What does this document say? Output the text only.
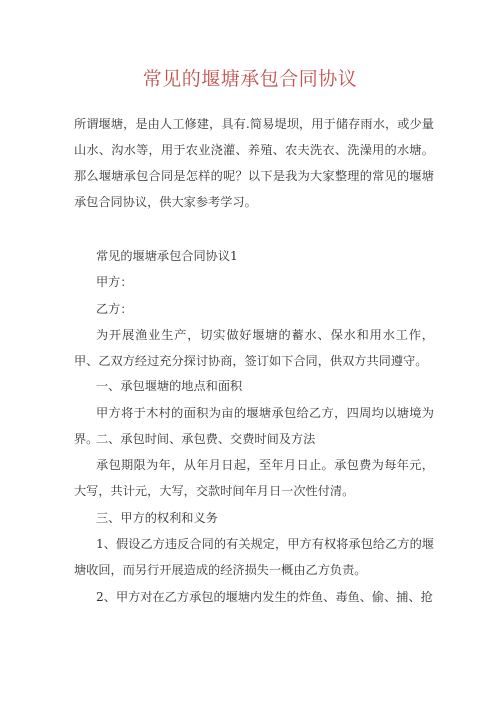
常见的堰塘承包合同协议

所谓堰塘，是由人工修建，具有.简易堤坝，用于储存雨水，或少量山水、沟水等，用于农业浇灌、养殖、农夫洗衣、洗澡用的水塘。那么堰塘承包合同是怎样的呢？以下是我为大家整理的常见的堰塘承包合同协议，供大家参考学习。

常见的堰塘承包合同协议1

甲方：

乙方：

为开展渔业生产，切实做好堰塘的蓄水、保水和用水工作，甲、乙双方经过充分探讨协商，签订如下合同，供双方共同遵守。

一、承包堰塘的地点和面积

甲方将于木村的面积为亩的堰塘承包给乙方，四周均以塘境为界。

二、承包时间、承包费、交费时间及方法

承包期限为年，从年月日起，至年月日止。承包费为每年元，大写，共计元，大写，交款时间年月日一次性付清。

三、甲方的权利和义务

1、假设乙方违反合同的有关规定，甲方有权将承包给乙方的堰塘收回，而另行开展造成的经济损失一概由乙方负责。

2、甲方对在乙方承包的堰塘内发生的炸鱼、毒鱼、偷、捕、抢
